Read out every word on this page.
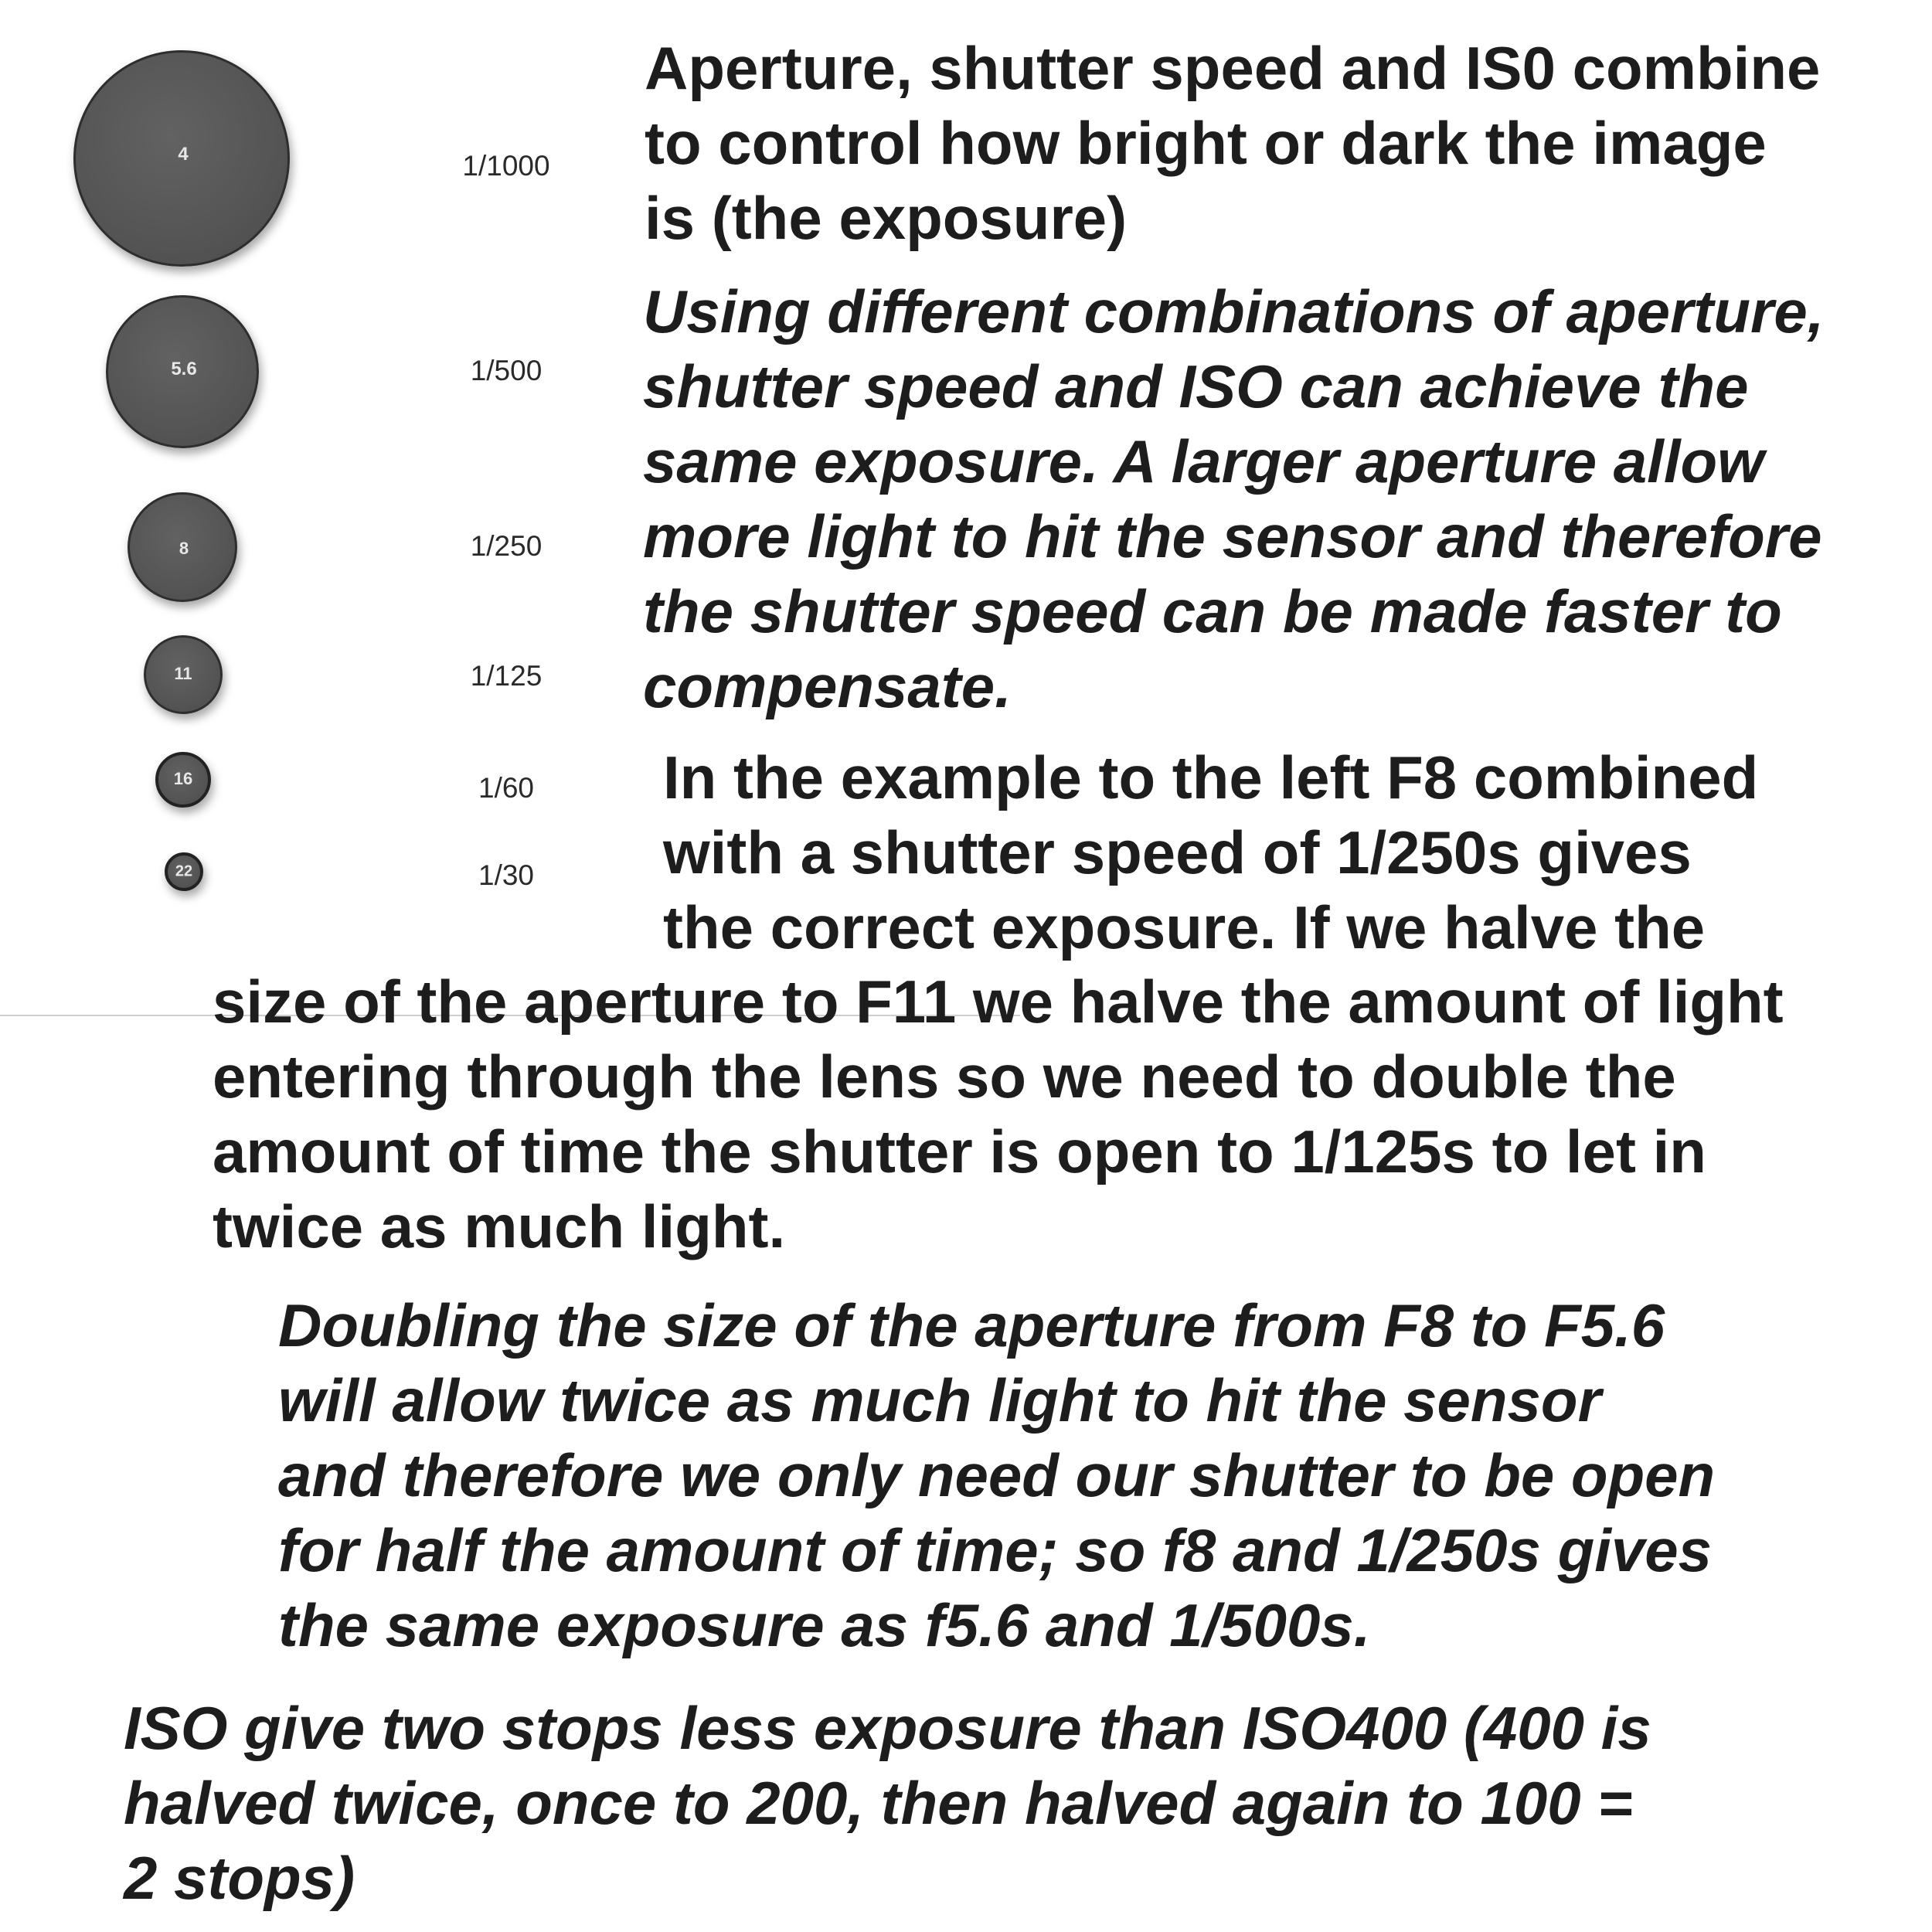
4
5.6
8
11
16
22
1/1000
1/500
1/250
1/125
1/60
1/30

Aperture, shutter speed and IS0 combine
to control how bright or dark the image
is (the exposure)

Using different combinations of aperture,
shutter speed and ISO can achieve the
same exposure. A larger aperture allow
more light to hit the sensor and therefore
the shutter speed can be made faster to
compensate.

In the example to the left F8 combined
with a shutter speed of 1/250s gives
the correct exposure. If we halve the

size of the aperture to F11 we halve the amount of light
entering through the lens so we need to double the
amount of time the shutter is open to 1/125s to let in
twice as much light.

Doubling the size of the aperture from F8 to F5.6
will allow twice as much light to hit the sensor
and therefore we only need our shutter to be open
for half the amount of time; so f8 and 1/250s gives
the same exposure as f5.6 and 1/500s.

ISO give two stops less exposure than ISO400 (400 is
halved twice, once to 200, then halved again to 100 =
2 stops)
